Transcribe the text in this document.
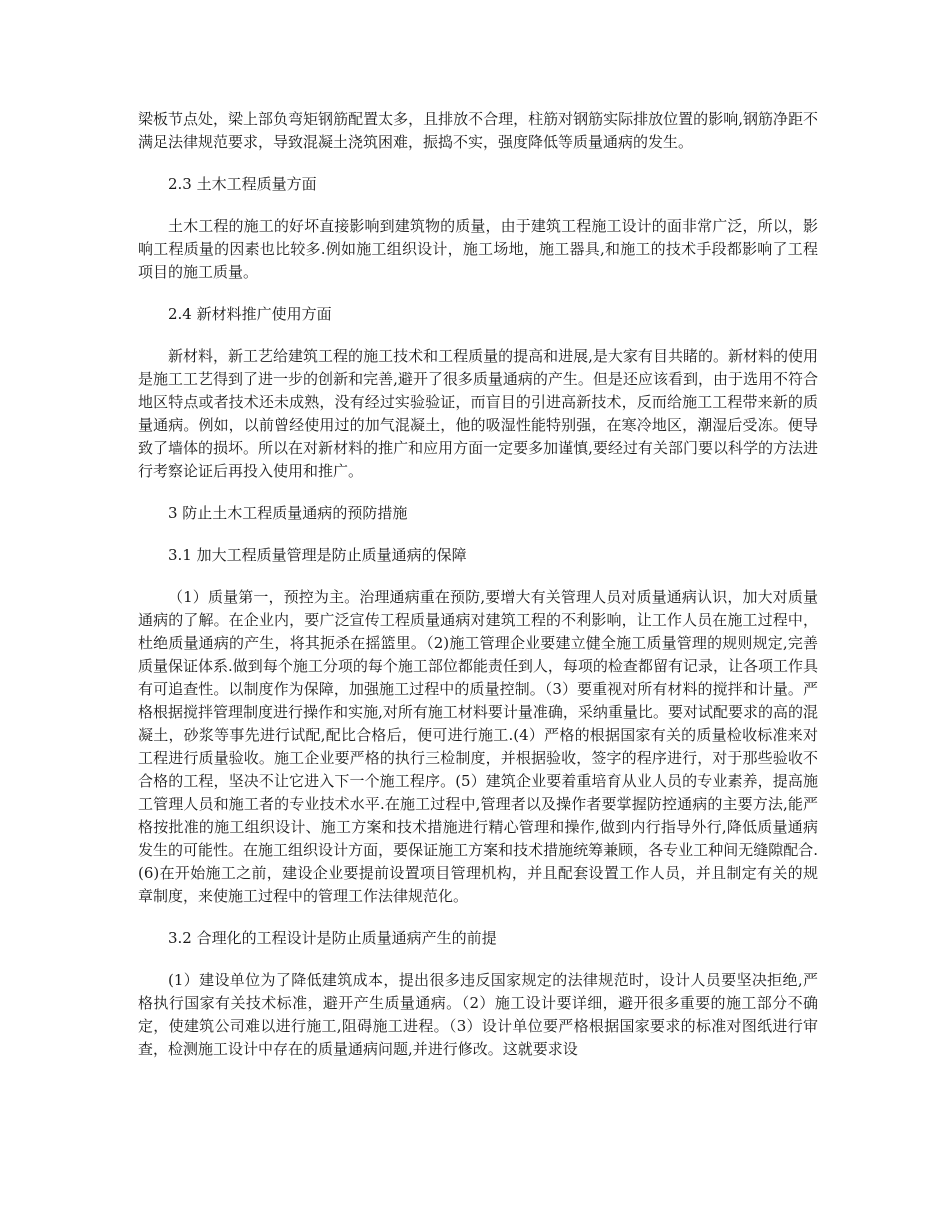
梁板节点处，梁上部负弯矩钢筋配置太多，且排放不合理，柱筋对钢筋实际排放位置的影响,钢筋净距不满足法律规范要求，导致混凝土浇筑困难，振捣不实，强度降低等质量通病的发生。

2.3 土木工程质量方面

土木工程的施工的好坏直接影响到建筑物的质量，由于建筑工程施工设计的面非常广泛，所以，影响工程质量的因素也比较多.例如施工组织设计，施工场地，施工器具,和施工的技术手段都影响了工程项目的施工质量。

2.4 新材料推广使用方面

新材料，新工艺给建筑工程的施工技术和工程质量的提高和进展,是大家有目共睹的。新材料的使用是施工工艺得到了进一步的创新和完善,避开了很多质量通病的产生。但是还应该看到，由于选用不符合地区特点或者技术还未成熟，没有经过实验验证，而盲目的引进高新技术，反而给施工工程带来新的质量通病。例如，以前曾经使用过的加气混凝土，他的吸湿性能特别强，在寒冷地区，潮湿后受冻。便导致了墙体的损坏。所以在对新材料的推广和应用方面一定要多加谨慎,要经过有关部门要以科学的方法进行考察论证后再投入使用和推广。

3 防止土木工程质量通病的预防措施
3.1 加大工程质量管理是防止质量通病的保障

（1）质量第一，预控为主。治理通病重在预防,要增大有关管理人员对质量通病认识，加大对质量通病的了解。在企业内，要广泛宣传工程质量通病对建筑工程的不利影响，让工作人员在施工过程中，杜绝质量通病的产生，将其扼杀在摇篮里。（2)施工管理企业要建立健全施工质量管理的规则规定,完善质量保证体系.做到每个施工分项的每个施工部位都能责任到人，每项的检查都留有记录，让各项工作具有可追查性。以制度作为保障，加强施工过程中的质量控制。（3）要重视对所有材料的搅拌和计量。严格根据搅拌管理制度进行操作和实施,对所有施工材料要计量准确，采纳重量比。要对试配要求的高的混凝土，砂浆等事先进行试配,配比合格后，便可进行施工.(4）严格的根据国家有关的质量检收标准来对工程进行质量验收。施工企业要严格的执行三检制度，并根据验收，签字的程序进行，对于那些验收不合格的工程，坚决不让它进入下一个施工程序。(5）建筑企业要着重培育从业人员的专业素养，提高施工管理人员和施工者的专业技术水平.在施工过程中,管理者以及操作者要掌握防控通病的主要方法,能严格按批准的施工组织设计、施工方案和技术措施进行精心管理和操作,做到内行指导外行,降低质量通病发生的可能性。在施工组织设计方面，要保证施工方案和技术措施统筹兼顾，各专业工种间无缝隙配合.(6)在开始施工之前，建设企业要提前设置项目管理机构，并且配套设置工作人员，并且制定有关的规章制度，来使施工过程中的管理工作法律规范化。

3.2 合理化的工程设计是防止质量通病产生的前提

(1）建设单位为了降低建筑成本，提出很多违反国家规定的法律规范时，设计人员要坚决拒绝,严格执行国家有关技术标准，避开产生质量通病。（2）施工设计要详细，避开很多重要的施工部分不确定，使建筑公司难以进行施工,阻碍施工进程。（3）设计单位要严格根据国家要求的标准对图纸进行审查，检测施工设计中存在的质量通病问题,并进行修改。这就要求设
